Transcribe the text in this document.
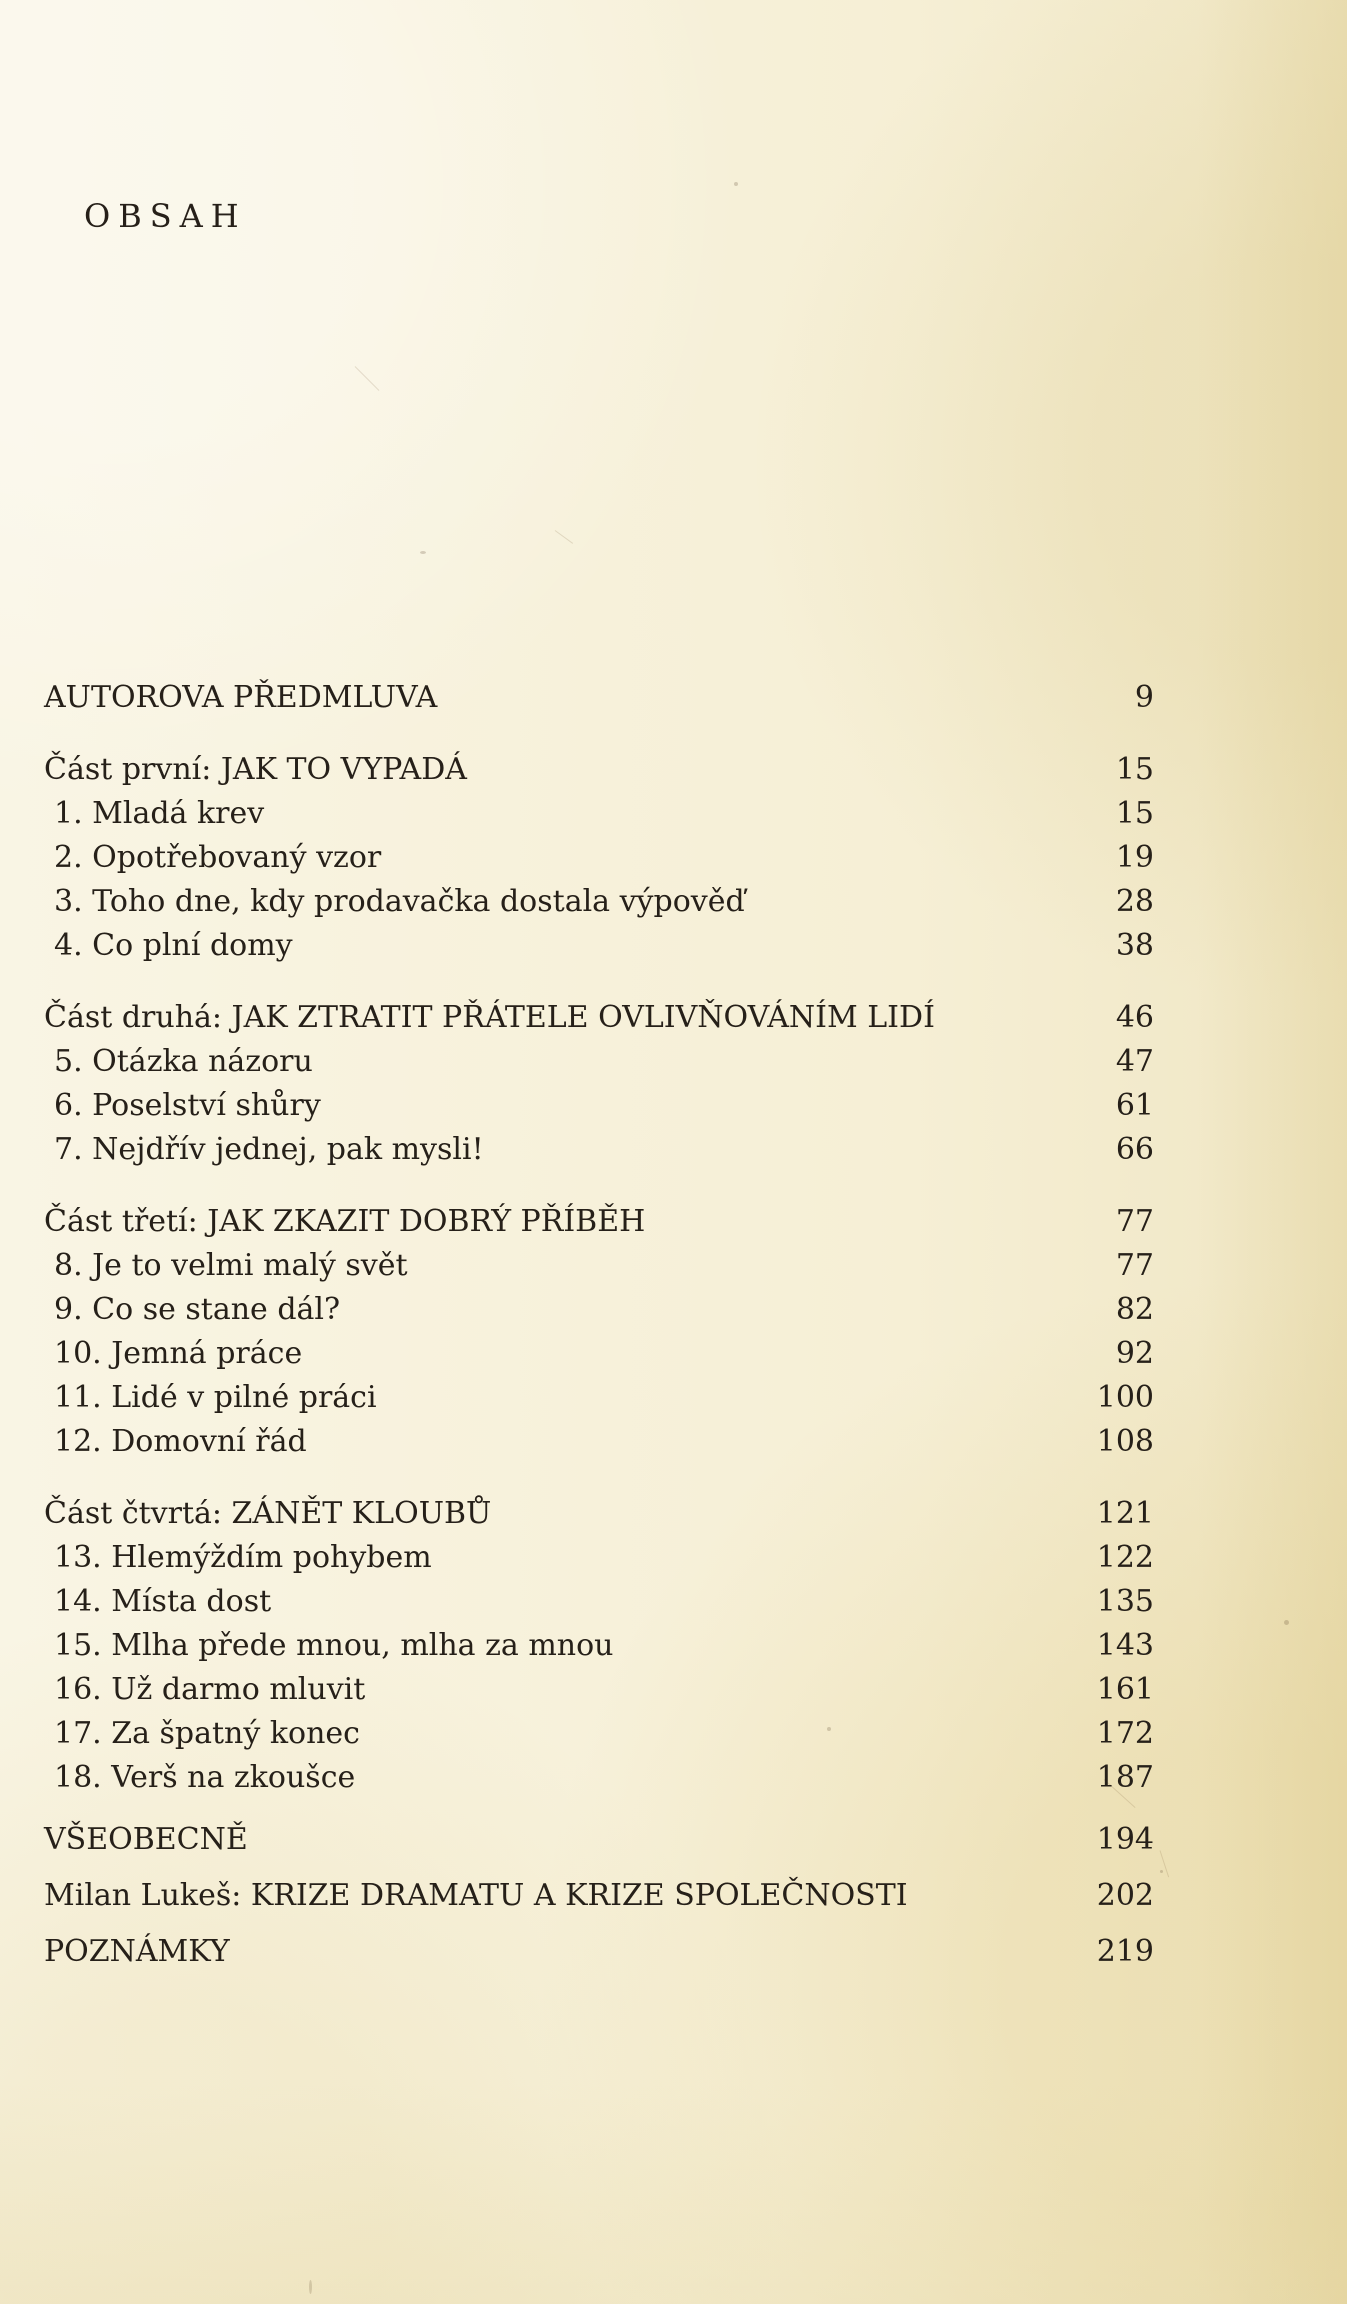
OBSAH
AUTOROVA PŘEDMLUVA	9
Část první: JAK TO VYPADÁ	15
1. Mladá krev	15
2. Opotřebovaný vzor	19
3. Toho dne, kdy prodavačka dostala výpověď	28
4. Co plní domy	38
Část druhá: JAK ZTRATIT PŘÁTELE OVLIVŇOVÁNÍM LIDÍ	46
5. Otázka názoru	47
6. Poselství shůry	61
7. Nejdřív jednej, pak mysli!	66
Část třetí: JAK ZKAZIT DOBRÝ PŘÍBĚH	77
8. Je to velmi malý svět	77
9. Co se stane dál?	82
10. Jemná práce	92
11. Lidé v pilné práci	100
12. Domovní řád	108
Část čtvrtá: ZÁNĚT KLOUBŮ	121
13. Hlemýždím pohybem	122
14. Místa dost	135
15. Mlha přede mnou, mlha za mnou	143
16. Už darmo mluvit	161
17. Za špatný konec	172
18. Verš na zkoušce	187
VŠEOBECNĚ	194
Milan Lukeš: KRIZE DRAMATU A KRIZE SPOLEČNOSTI	202
POZNÁMKY	219
